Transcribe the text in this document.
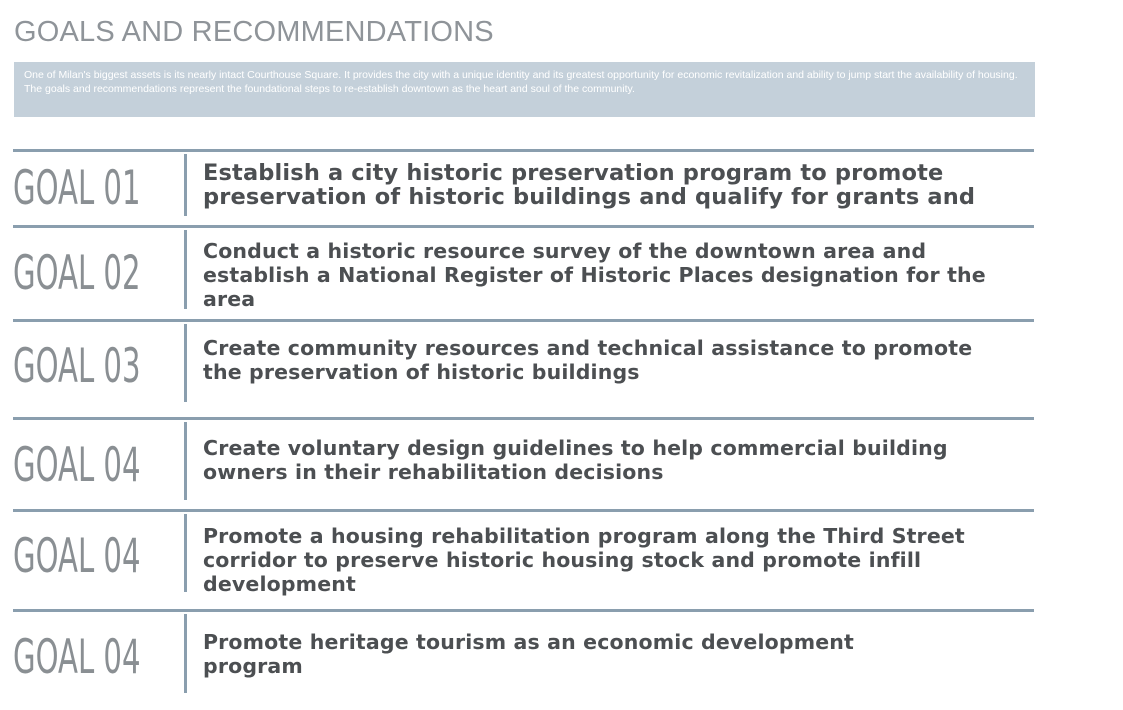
GOALS AND RECOMMENDATIONS

One of Milan's biggest assets is its nearly intact Courthouse Square. It provides the city with a unique identity and its greatest opportunity for economic revitalization and ability to jump start the availability of housing. The goals and recommendations represent the foundational steps to re-establish downtown as the heart and soul of the community.

GOAL 01	Establish a city historic preservation program to promote
preservation of historic buildings and qualify for grants and
GOAL 02	Conduct a historic resource survey of the downtown area and
establish a National Register of Historic Places designation for the
area
GOAL 03	Create community resources and technical assistance to promote
the preservation of historic buildings
GOAL 04	Create voluntary design guidelines to help commercial building
owners in their rehabilitation decisions
GOAL 04	Promote a housing rehabilitation program along the Third Street
corridor to preserve historic housing stock and promote infill
development
GOAL 04	Promote heritage tourism as an economic development
program
